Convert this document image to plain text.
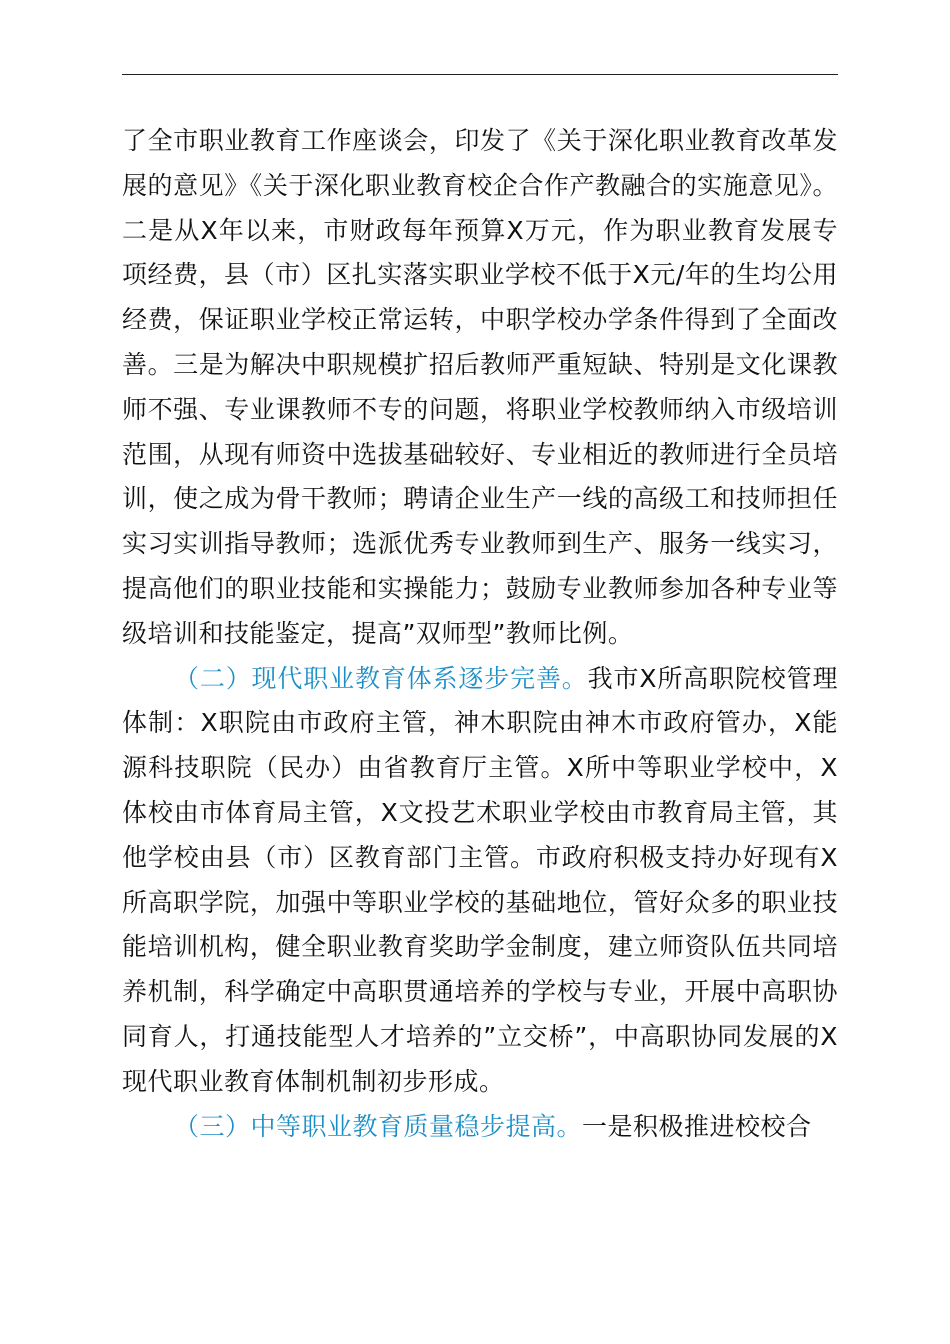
了全市职业教育工作座谈会，印发了《关于深化职业教育改革发展的意见》《关于深化职业教育校企合作产教融合的实施意见》。二是从X年以来，市财政每年预算X万元，作为职业教育发展专项经费，县（市）区扎实落实职业学校不低于X元/年的生均公用经费，保证职业学校正常运转，中职学校办学条件得到了全面改善。三是为解决中职规模扩招后教师严重短缺、特别是文化课教师不强、专业课教师不专的问题，将职业学校教师纳入市级培训范围，从现有师资中选拔基础较好、专业相近的教师进行全员培训，使之成为骨干教师；聘请企业生产一线的高级工和技师担任实习实训指导教师；选派优秀专业教师到生产、服务一线实习，提高他们的职业技能和实操能力；鼓励专业教师参加各种专业等级培训和技能鉴定，提高”双师型”教师比例。

（二）现代职业教育体系逐步完善。我市X所高职院校管理体制：X职院由市政府主管，神木职院由神木市政府管办，X能源科技职院（民办）由省教育厅主管。X所中等职业学校中，X体校由市体育局主管，X文投艺术职业学校由市教育局主管，其他学校由县（市）区教育部门主管。市政府积极支持办好现有X所高职学院，加强中等职业学校的基础地位，管好众多的职业技能培训机构，健全职业教育奖助学金制度，建立师资队伍共同培养机制，科学确定中高职贯通培养的学校与专业，开展中高职协同育人，打通技能型人才培养的”立交桥”，中高职协同发展的X现代职业教育体制机制初步形成。

（三）中等职业教育质量稳步提高。一是积极推进校校合
